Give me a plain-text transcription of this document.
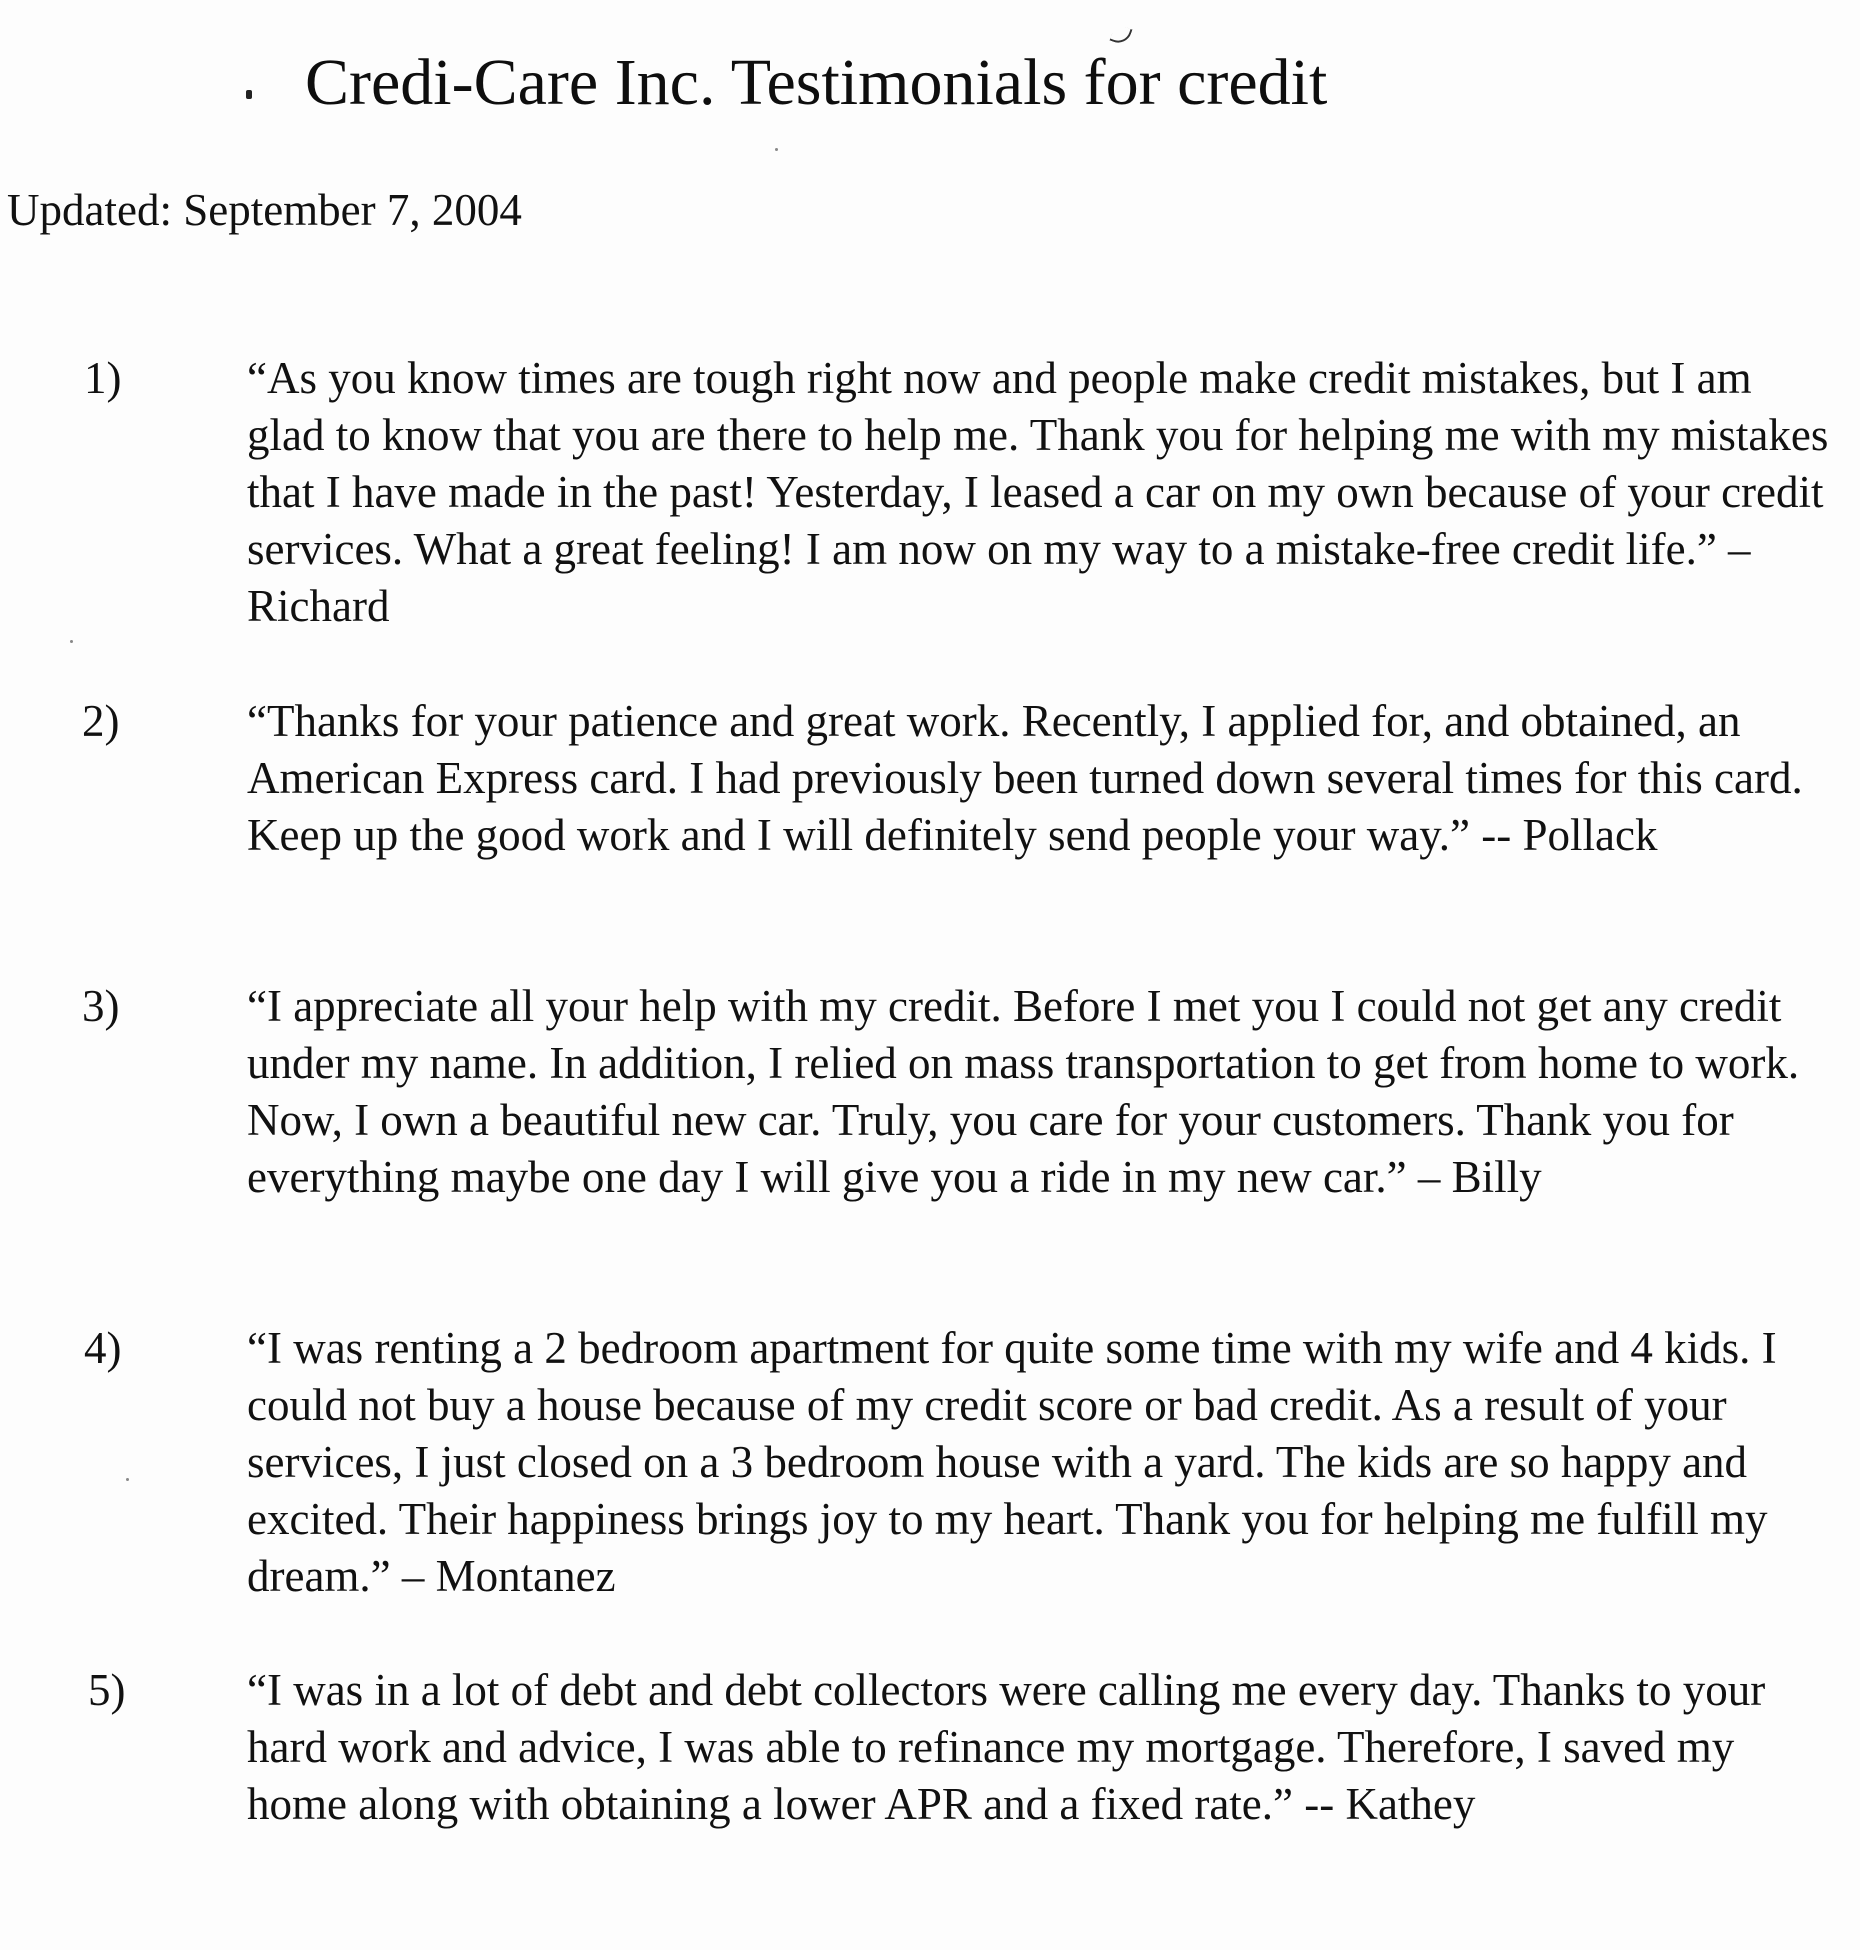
Credi-Care Inc. Testimonials for credit
Updated: September 7, 2004
1)	“As you know times are tough right now and people make credit mistakes, but I am glad to know that you are there to help me. Thank you for helping me with my mistakes that I have made in the past! Yesterday, I leased a car on my own because of your credit services. What a great feeling! I am now on my way to a mistake-free credit life.” – Richard

2)	“Thanks for your patience and great work. Recently, I applied for, and obtained, an American Express card. I had previously been turned down several times for this card. Keep up the good work and I will definitely send people your way.” -- Pollack

3)	“I appreciate all your help with my credit. Before I met you I could not get any credit under my name. In addition, I relied on mass transportation to get from home to work. Now, I own a beautiful new car. Truly, you care for your customers. Thank you for everything maybe one day I will give you a ride in my new car.” – Billy

4)	“I was renting a 2 bedroom apartment for quite some time with my wife and 4 kids. I could not buy a house because of my credit score or bad credit. As a result of your services, I just closed on a 3 bedroom house with a yard. The kids are so happy and excited. Their happiness brings joy to my heart. Thank you for helping me fulfill my dream.” – Montanez

5)	“I was in a lot of debt and debt collectors were calling me every day. Thanks to your hard work and advice, I was able to refinance my mortgage. Therefore, I saved my home along with obtaining a lower APR and a fixed rate.” -- Kathey
